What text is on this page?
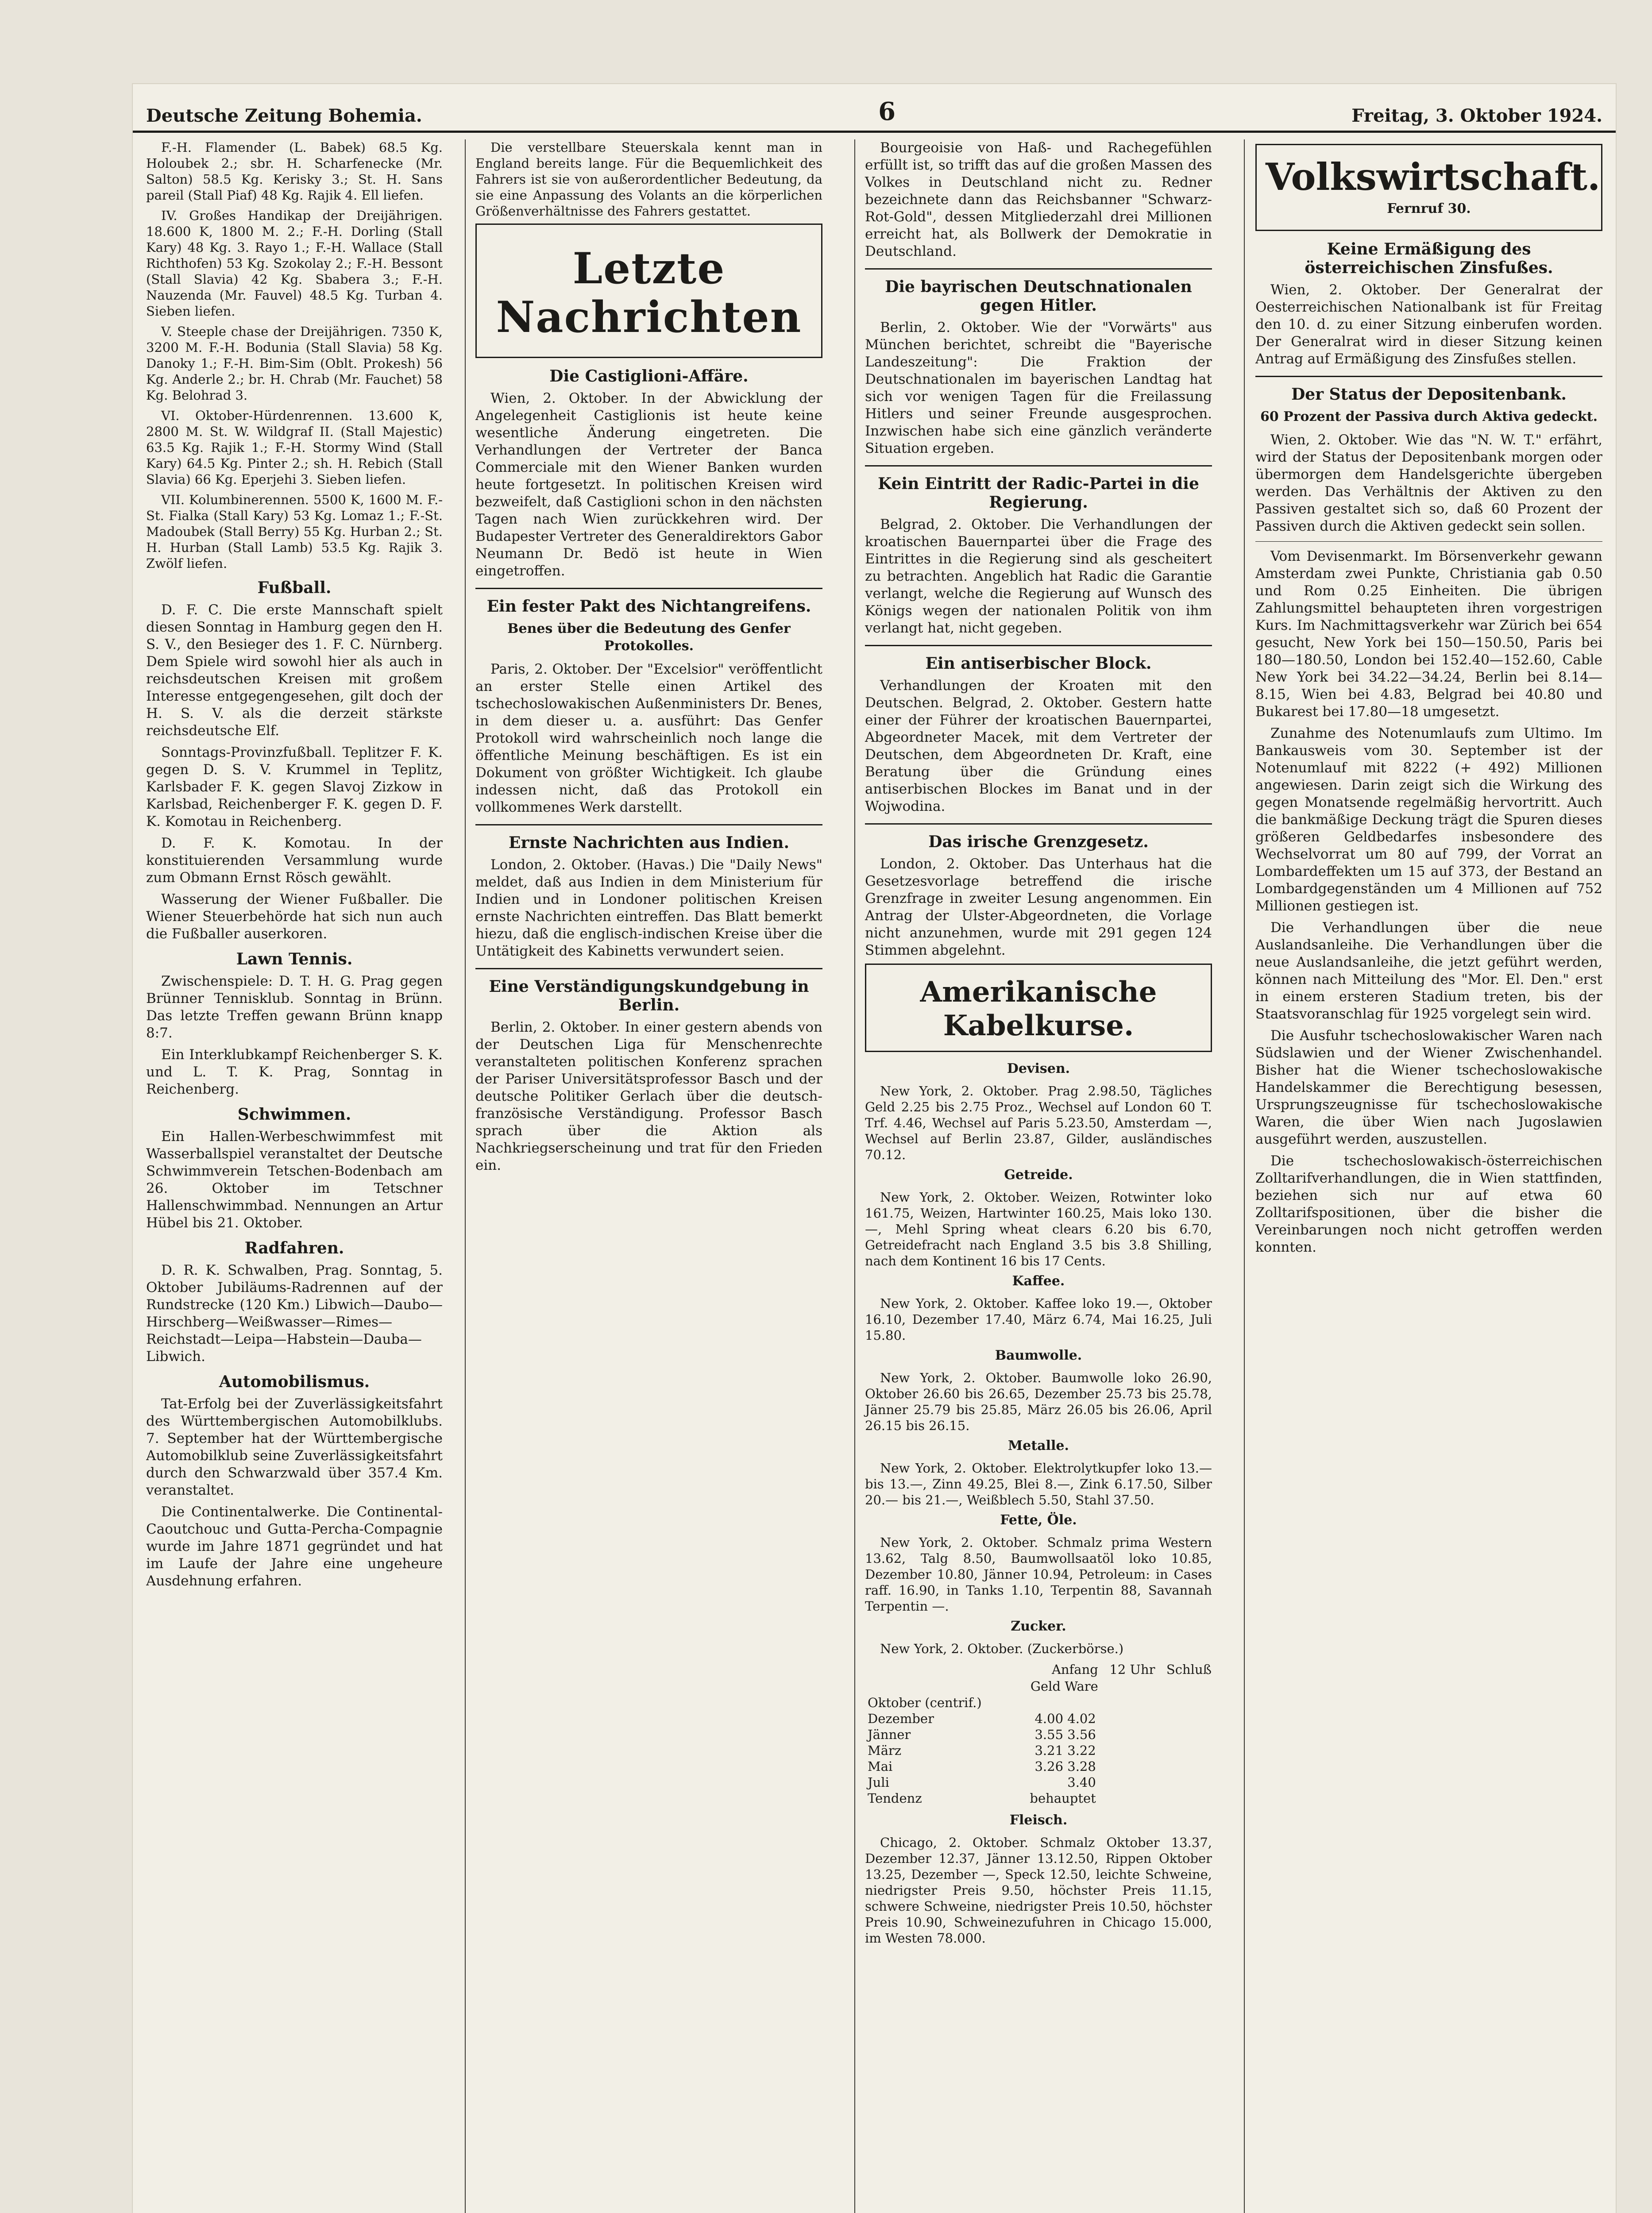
Deutsche Zeitung Bohemia.	6	Freitag, 3. Oktober 1924.

F.-H. Flamender (L. Babek) 68.5 Kg. Holoubek 2.; sbr. H. Scharfenecke (Mr. Salton) 58.5 Kg. Kerisky 3.; St. H. Sans pareil (Stall Piaf) 48 Kg. Rajik 4. Ell liefen.

IV. Großes Handikap der Dreijährigen. 18.600 K, 1800 M. 2.; F.-H. Dorling (Stall Kary) 48 Kg. 3. Rayo 1.; F.-H. Wallace (Stall Richthofen) 53 Kg. Szokolay 2.; F.-H. Bessont (Stall Slavia) 42 Kg. Sbabera 3.; F.-H. Nauzenda (Mr. Fauvel) 48.5 Kg. Turban 4. Sieben liefen.

V. Steeple chase der Dreijährigen. 7350 K, 3200 M. F.-H. Bodunia (Stall Slavia) 58 Kg. Danoky 1.; F.-H. Bim-Sim (Oblt. Prokesh) 56 Kg. Anderle 2.; br. H. Chrab (Mr. Fauchet) 58 Kg. Belohrad 3.

VI. Oktober-Hürdenrennen. 13.600 K, 2800 M. St. W. Wildgraf II. (Stall Majestic) 63.5 Kg. Rajik 1.; F.-H. Stormy Wind (Stall Kary) 64.5 Kg. Pinter 2.; sh. H. Rebich (Stall Slavia) 66 Kg. Eperjehi 3. Sieben liefen.

VII. Kolumbinerennen. 5500 K, 1600 M. F.-St. Fialka (Stall Kary) 53 Kg. Lomaz 1.; F.-St. Madoubek (Stall Berry) 55 Kg. Hurban 2.; St. H. Hurban (Stall Lamb) 53.5 Kg. Rajik 3. Zwölf liefen.

Fußball.

D. F. C. Die erste Mannschaft spielt diesen Sonntag in Hamburg gegen den H. S. V., den Besieger des 1. F. C. Nürnberg. Dem Spiele wird sowohl hier als auch in reichsdeutschen Kreisen mit großem Interesse entgegengesehen, gilt doch der H. S. V. als die derzeit stärkste reichsdeutsche Elf.

Sonntags-Provinzfußball. Teplitzer F. K. gegen D. S. V. Krummel in Teplitz, Karlsbader F. K. gegen Slavoj Zizkow in Karlsbad, Reichenberger F. K. gegen D. F. K. Komotau in Reichenberg.

D. F. K. Komotau. In der konstituierenden Versammlung wurde zum Obmann Ernst Rösch gewählt.

Wasserung der Wiener Fußballer. Die Wiener Steuerbehörde hat sich nun auch die Fußballer auserkoren.

Lawn Tennis.

Zwischenspiele: D. T. H. G. Prag gegen Brünner Tennisklub. Sonntag in Brünn. Das letzte Treffen gewann Brünn knapp 8:7.

Ein Interklubkampf Reichenberger S. K. und L. T. K. Prag, Sonntag in Reichenberg.

Schwimmen.

Ein Hallen-Werbeschwimmfest mit Wasserballspiel veranstaltet der Deutsche Schwimmverein Tetschen-Bodenbach am 26. Oktober im Tetschner Hallenschwimmbad. Nennungen an Artur Hübel bis 21. Oktober.

Radfahren.

D. R. K. Schwalben, Prag. Sonntag, 5. Oktober Jubiläums-Radrennen auf der Rundstrecke (120 Km.) Libwich—Daubo—Hirschberg—Weißwasser—Rimes—Reichstadt—Leipa—Habstein—Dauba—Libwich.

Automobilismus.

Tat-Erfolg bei der Zuverlässigkeitsfahrt des Württembergischen Automobilklubs. 7. September hat der Württembergische Automobilklub seine Zuverlässigkeitsfahrt durch den Schwarzwald über 357.4 Km. veranstaltet.

Die Continentalwerke. Die Continental-Caoutchouc und Gutta-Percha-Compagnie wurde im Jahre 1871 gegründet und hat im Laufe der Jahre eine ungeheure Ausdehnung erfahren.

Die verstellbare Steuerskala kennt man in England bereits lange. Für die Bequemlichkeit des Fahrers ist sie von außerordentlicher Bedeutung, da sie eine Anpassung des Volants an die körperlichen Größenverhältnisse des Fahrers gestattet.

Letzte Nachrichten
Die Castiglioni-Affäre.

Wien, 2. Oktober. In der Abwicklung der Angelegenheit Castiglionis ist heute keine wesentliche Änderung eingetreten. Die Verhandlungen der Vertreter der Banca Commerciale mit den Wiener Banken wurden heute fortgesetzt. In politischen Kreisen wird bezweifelt, daß Castiglioni schon in den nächsten Tagen nach Wien zurückkehren wird. Der Budapester Vertreter des Generaldirektors Gabor Neumann Dr. Bedö ist heute in Wien eingetroffen.

Ein fester Pakt des Nichtangreifens.
Benes über die Bedeutung des Genfer Protokolles.

Paris, 2. Oktober. Der "Excelsior" veröffentlicht an erster Stelle einen Artikel des tschechoslowakischen Außenministers Dr. Benes, in dem dieser u. a. ausführt: Das Genfer Protokoll wird wahrscheinlich noch lange die öffentliche Meinung beschäftigen. Es ist ein Dokument von größter Wichtigkeit. Ich glaube indessen nicht, daß das Protokoll ein vollkommenes Werk darstellt.

Ernste Nachrichten aus Indien.

London, 2. Oktober. (Havas.) Die "Daily News" meldet, daß aus Indien in dem Ministerium für Indien und in Londoner politischen Kreisen ernste Nachrichten eintreffen. Das Blatt bemerkt hiezu, daß die englisch-indischen Kreise über die Untätigkeit des Kabinetts verwundert seien.

Eine Verständigungskundgebung in Berlin.

Berlin, 2. Oktober. In einer gestern abends von der Deutschen Liga für Menschenrechte veranstalteten politischen Konferenz sprachen der Pariser Universitätsprofessor Basch und der deutsche Politiker Gerlach über die deutsch-französische Verständigung. Professor Basch sprach über die Aktion als Nachkriegserscheinung und trat für den Frieden ein.

Bourgeoisie von Haß- und Rachegefühlen erfüllt ist, so trifft das auf die großen Massen des Volkes in Deutschland nicht zu. Redner bezeichnete dann das Reichsbanner "Schwarz-Rot-Gold", dessen Mitgliederzahl drei Millionen erreicht hat, als Bollwerk der Demokratie in Deutschland.

Die bayrischen Deutschnationalen gegen Hitler.

Berlin, 2. Oktober. Wie der "Vorwärts" aus München berichtet, schreibt die "Bayerische Landeszeitung": Die Fraktion der Deutschnationalen im bayerischen Landtag hat sich vor wenigen Tagen für die Freilassung Hitlers und seiner Freunde ausgesprochen. Inzwischen habe sich eine gänzlich veränderte Situation ergeben.

Kein Eintritt der Radic-Partei in die Regierung.

Belgrad, 2. Oktober. Die Verhandlungen der kroatischen Bauernpartei über die Frage des Eintrittes in die Regierung sind als gescheitert zu betrachten. Angeblich hat Radic die Garantie verlangt, welche die Regierung auf Wunsch des Königs wegen der nationalen Politik von ihm verlangt hat, nicht gegeben.

Ein antiserbischer Block.

Verhandlungen der Kroaten mit den Deutschen. Belgrad, 2. Oktober. Gestern hatte einer der Führer der kroatischen Bauernpartei, Abgeordneter Macek, mit dem Vertreter der Deutschen, dem Abgeordneten Dr. Kraft, eine Beratung über die Gründung eines antiserbischen Blockes im Banat und in der Wojwodina.

Das irische Grenzgesetz.

London, 2. Oktober. Das Unterhaus hat die Gesetzesvorlage betreffend die irische Grenzfrage in zweiter Lesung angenommen. Ein Antrag der Ulster-Abgeordneten, die Vorlage nicht anzunehmen, wurde mit 291 gegen 124 Stimmen abgelehnt.

Amerikanische Kabelkurse.
Devisen.

New York, 2. Oktober. Prag 2.98.50, Tägliches Geld 2.25 bis 2.75 Proz., Wechsel auf London 60 T. Trf. 4.46, Wechsel auf Paris 5.23.50, Amsterdam —, Wechsel auf Berlin 23.87, Gilder, ausländisches 70.12.

Getreide.

New York, 2. Oktober. Weizen, Rotwinter loko 161.75, Weizen, Hartwinter 160.25, Mais loko 130.—, Mehl Spring wheat clears 6.20 bis 6.70, Getreidefracht nach England 3.5 bis 3.8 Shilling, nach dem Kontinent 16 bis 17 Cents.

Kaffee.

New York, 2. Oktober. Kaffee loko 19.—, Oktober 16.10, Dezember 17.40, März 6.74, Mai 16.25, Juli 15.80.

Baumwolle.

New York, 2. Oktober. Baumwolle loko 26.90, Oktober 26.60 bis 26.65, Dezember 25.73 bis 25.78, Jänner 25.79 bis 25.85, März 26.05 bis 26.06, April 26.15 bis 26.15.

Metalle.

New York, 2. Oktober. Elektrolytkupfer loko 13.— bis 13.—, Zinn 49.25, Blei 8.—, Zink 6.17.50, Silber 20.— bis 21.—, Weißblech 5.50, Stahl 37.50.

Fette, Öle.

New York, 2. Oktober. Schmalz prima Western 13.62, Talg 8.50, Baumwollsaatöl loko 10.85, Dezember 10.80, Jänner 10.94, Petroleum: in Cases raff. 16.90, in Tanks 1.10, Terpentin 88, Savannah Terpentin —.

Zucker.

New York, 2. Oktober. (Zuckerbörse.)

	Anfang	12 Uhr	Schluß
	Geld Ware		
Oktober (centrif.)			
Dezember	4.00 4.02		
Jänner	3.55 3.56		
März	3.21 3.22		
Mai	3.26 3.28		
Juli	3.40		
Tendenz	behauptet		
Fleisch.

Chicago, 2. Oktober. Schmalz Oktober 13.37, Dezember 12.37, Jänner 13.12.50, Rippen Oktober 13.25, Dezember —, Speck 12.50, leichte Schweine, niedrigster Preis 9.50, höchster Preis 11.15, schwere Schweine, niedrigster Preis 10.50, höchster Preis 10.90, Schweinezufuhren in Chicago 15.000, im Westen 78.000.

Volkswirtschaft.
Fernruf 30.
Keine Ermäßigung des österreichischen Zinsfußes.

Wien, 2. Oktober. Der Generalrat der Oesterreichischen Nationalbank ist für Freitag den 10. d. zu einer Sitzung einberufen worden. Der Generalrat wird in dieser Sitzung keinen Antrag auf Ermäßigung des Zinsfußes stellen.

Der Status der Depositenbank.
60 Prozent der Passiva durch Aktiva gedeckt.

Wien, 2. Oktober. Wie das "N. W. T." erfährt, wird der Status der Depositenbank morgen oder übermorgen dem Handelsgerichte übergeben werden. Das Verhältnis der Aktiven zu den Passiven gestaltet sich so, daß 60 Prozent der Passiven durch die Aktiven gedeckt sein sollen.

Vom Devisenmarkt. Im Börsenverkehr gewann Amsterdam zwei Punkte, Christiania gab 0.50 und Rom 0.25 Einheiten. Die übrigen Zahlungsmittel behaupteten ihren vorgestrigen Kurs. Im Nachmittagsverkehr war Zürich bei 654 gesucht, New York bei 150—150.50, Paris bei 180—180.50, London bei 152.40—152.60, Cable New York bei 34.22—34.24, Berlin bei 8.14—8.15, Wien bei 4.83, Belgrad bei 40.80 und Bukarest bei 17.80—18 umgesetzt.

Zunahme des Notenumlaufs zum Ultimo. Im Bankausweis vom 30. September ist der Notenumlauf mit 8222 (+ 492) Millionen angewiesen. Darin zeigt sich die Wirkung des gegen Monatsende regelmäßig hervortritt. Auch die bankmäßige Deckung trägt die Spuren dieses größeren Geldbedarfes insbesondere des Wechselvorrat um 80 auf 799, der Vorrat an Lombardeffekten um 15 auf 373, der Bestand an Lombardgegenständen um 4 Millionen auf 752 Millionen gestiegen ist.

Die Verhandlungen über die neue Auslandsanleihe. Die Verhandlungen über die neue Auslandsanleihe, die jetzt geführt werden, können nach Mitteilung des "Mor. El. Den." erst in einem ersteren Stadium treten, bis der Staatsvoranschlag für 1925 vorgelegt sein wird.

Die Ausfuhr tschechoslowakischer Waren nach Südslawien und der Wiener Zwischenhandel. Bisher hat die Wiener tschechoslowakische Handelskammer die Berechtigung besessen, Ursprungszeugnisse für tschechoslowakische Waren, die über Wien nach Jugoslawien ausgeführt werden, auszustellen.

Die tschechoslowakisch-österreichischen Zolltarifverhandlungen, die in Wien stattfinden, beziehen sich nur auf etwa 60 Zolltarifspositionen, über die bisher die Vereinbarungen noch nicht getroffen werden konnten.
